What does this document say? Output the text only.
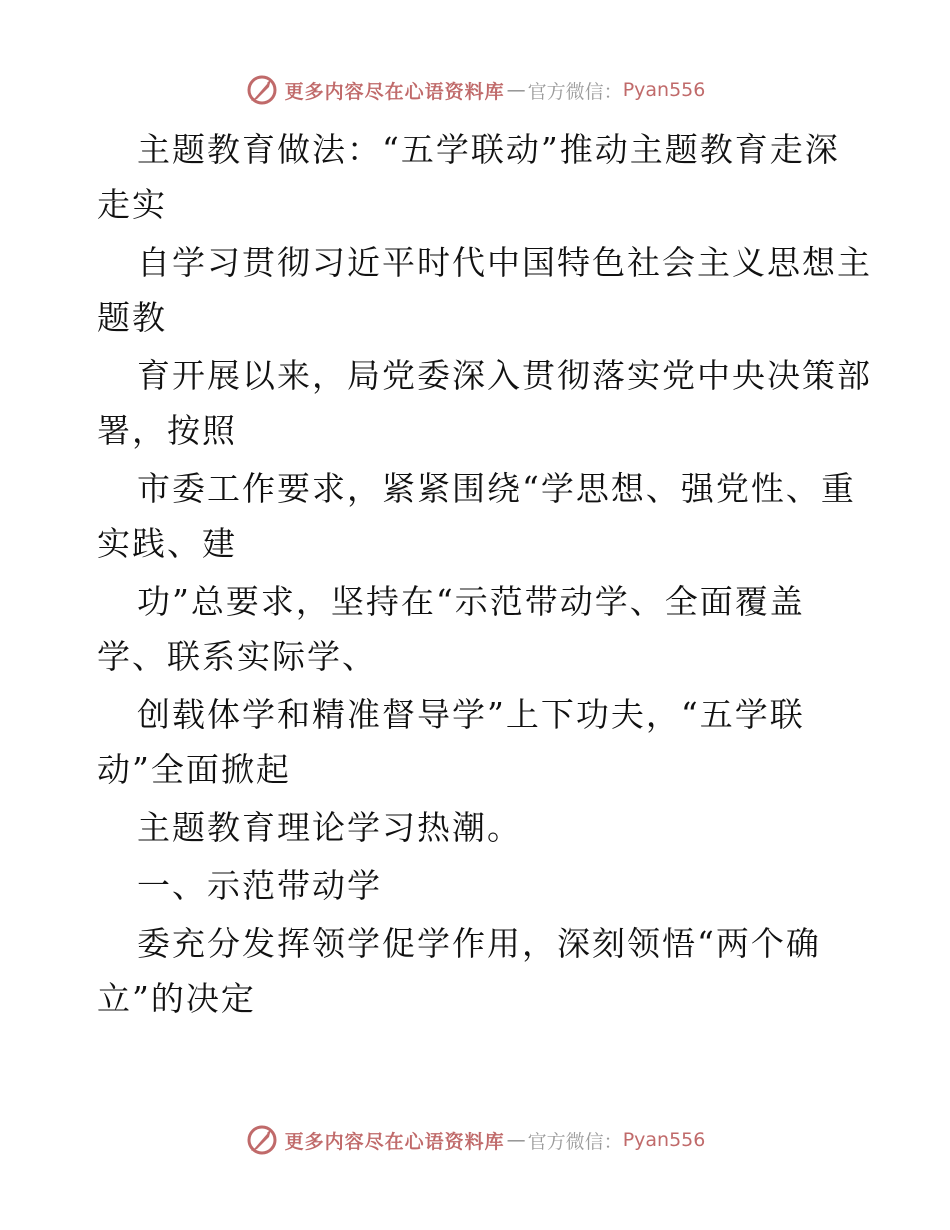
更多内容尽在心语资料库 — 官方微信： Pyan556
主题教育做法：“五学联动”推动主题教育走深
走实
自学习贯彻习近平时代中国特色社会主义思想主
题教
育开展以来，局党委深入贯彻落实党中央决策部
署，按照
市委工作要求，紧紧围绕“学思想、强党性、重
实践、建
功”总要求，坚持在“示范带动学、全面覆盖
学、联系实际学、
创载体学和精准督导学”上下功夫，“五学联
动”全面掀起
主题教育理论学习热潮。
一、示范带动学
委充分发挥领学促学作用，深刻领悟“两个确
立”的决定
更多内容尽在心语资料库 — 官方微信： Pyan556
